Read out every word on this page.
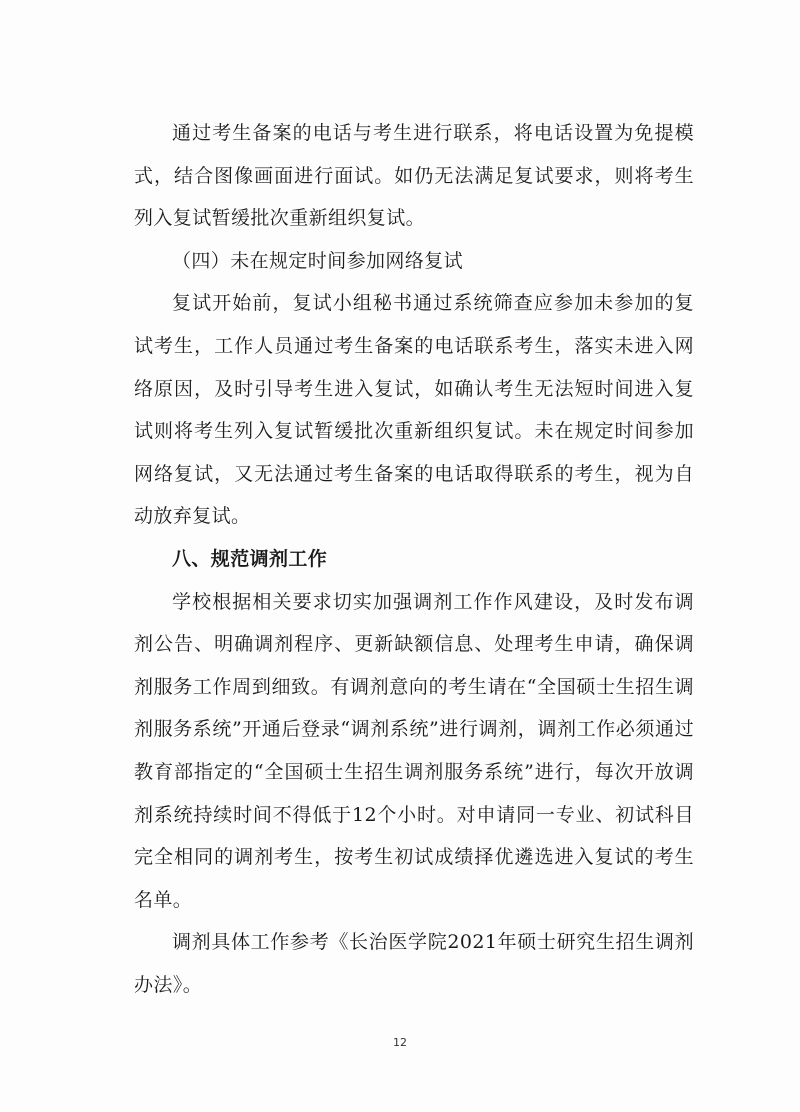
通过考生备案的电话与考生进行联系，将电话设置为免提模式，结合图像画面进行面试。如仍无法满足复试要求，则将考生列入复试暂缓批次重新组织复试。

（四）未在规定时间参加网络复试

复试开始前，复试小组秘书通过系统筛查应参加未参加的复试考生，工作人员通过考生备案的电话联系考生，落实未进入网络原因，及时引导考生进入复试，如确认考生无法短时间进入复试则将考生列入复试暂缓批次重新组织复试。未在规定时间参加网络复试，又无法通过考生备案的电话取得联系的考生，视为自动放弃复试。

八、规范调剂工作

学校根据相关要求切实加强调剂工作作风建设，及时发布调剂公告、明确调剂程序、更新缺额信息、处理考生申请，确保调剂服务工作周到细致。有调剂意向的考生请在“全国硕士生招生调剂服务系统”开通后登录“调剂系统”进行调剂，调剂工作必须通过教育部指定的“全国硕士生招生调剂服务系统”进行，每次开放调剂系统持续时间不得低于12个小时。对申请同一专业、初试科目完全相同的调剂考生，按考生初试成绩择优遴选进入复试的考生名单。

调剂具体工作参考《长治医学院2021年硕士研究生招生调剂办法》。

12
